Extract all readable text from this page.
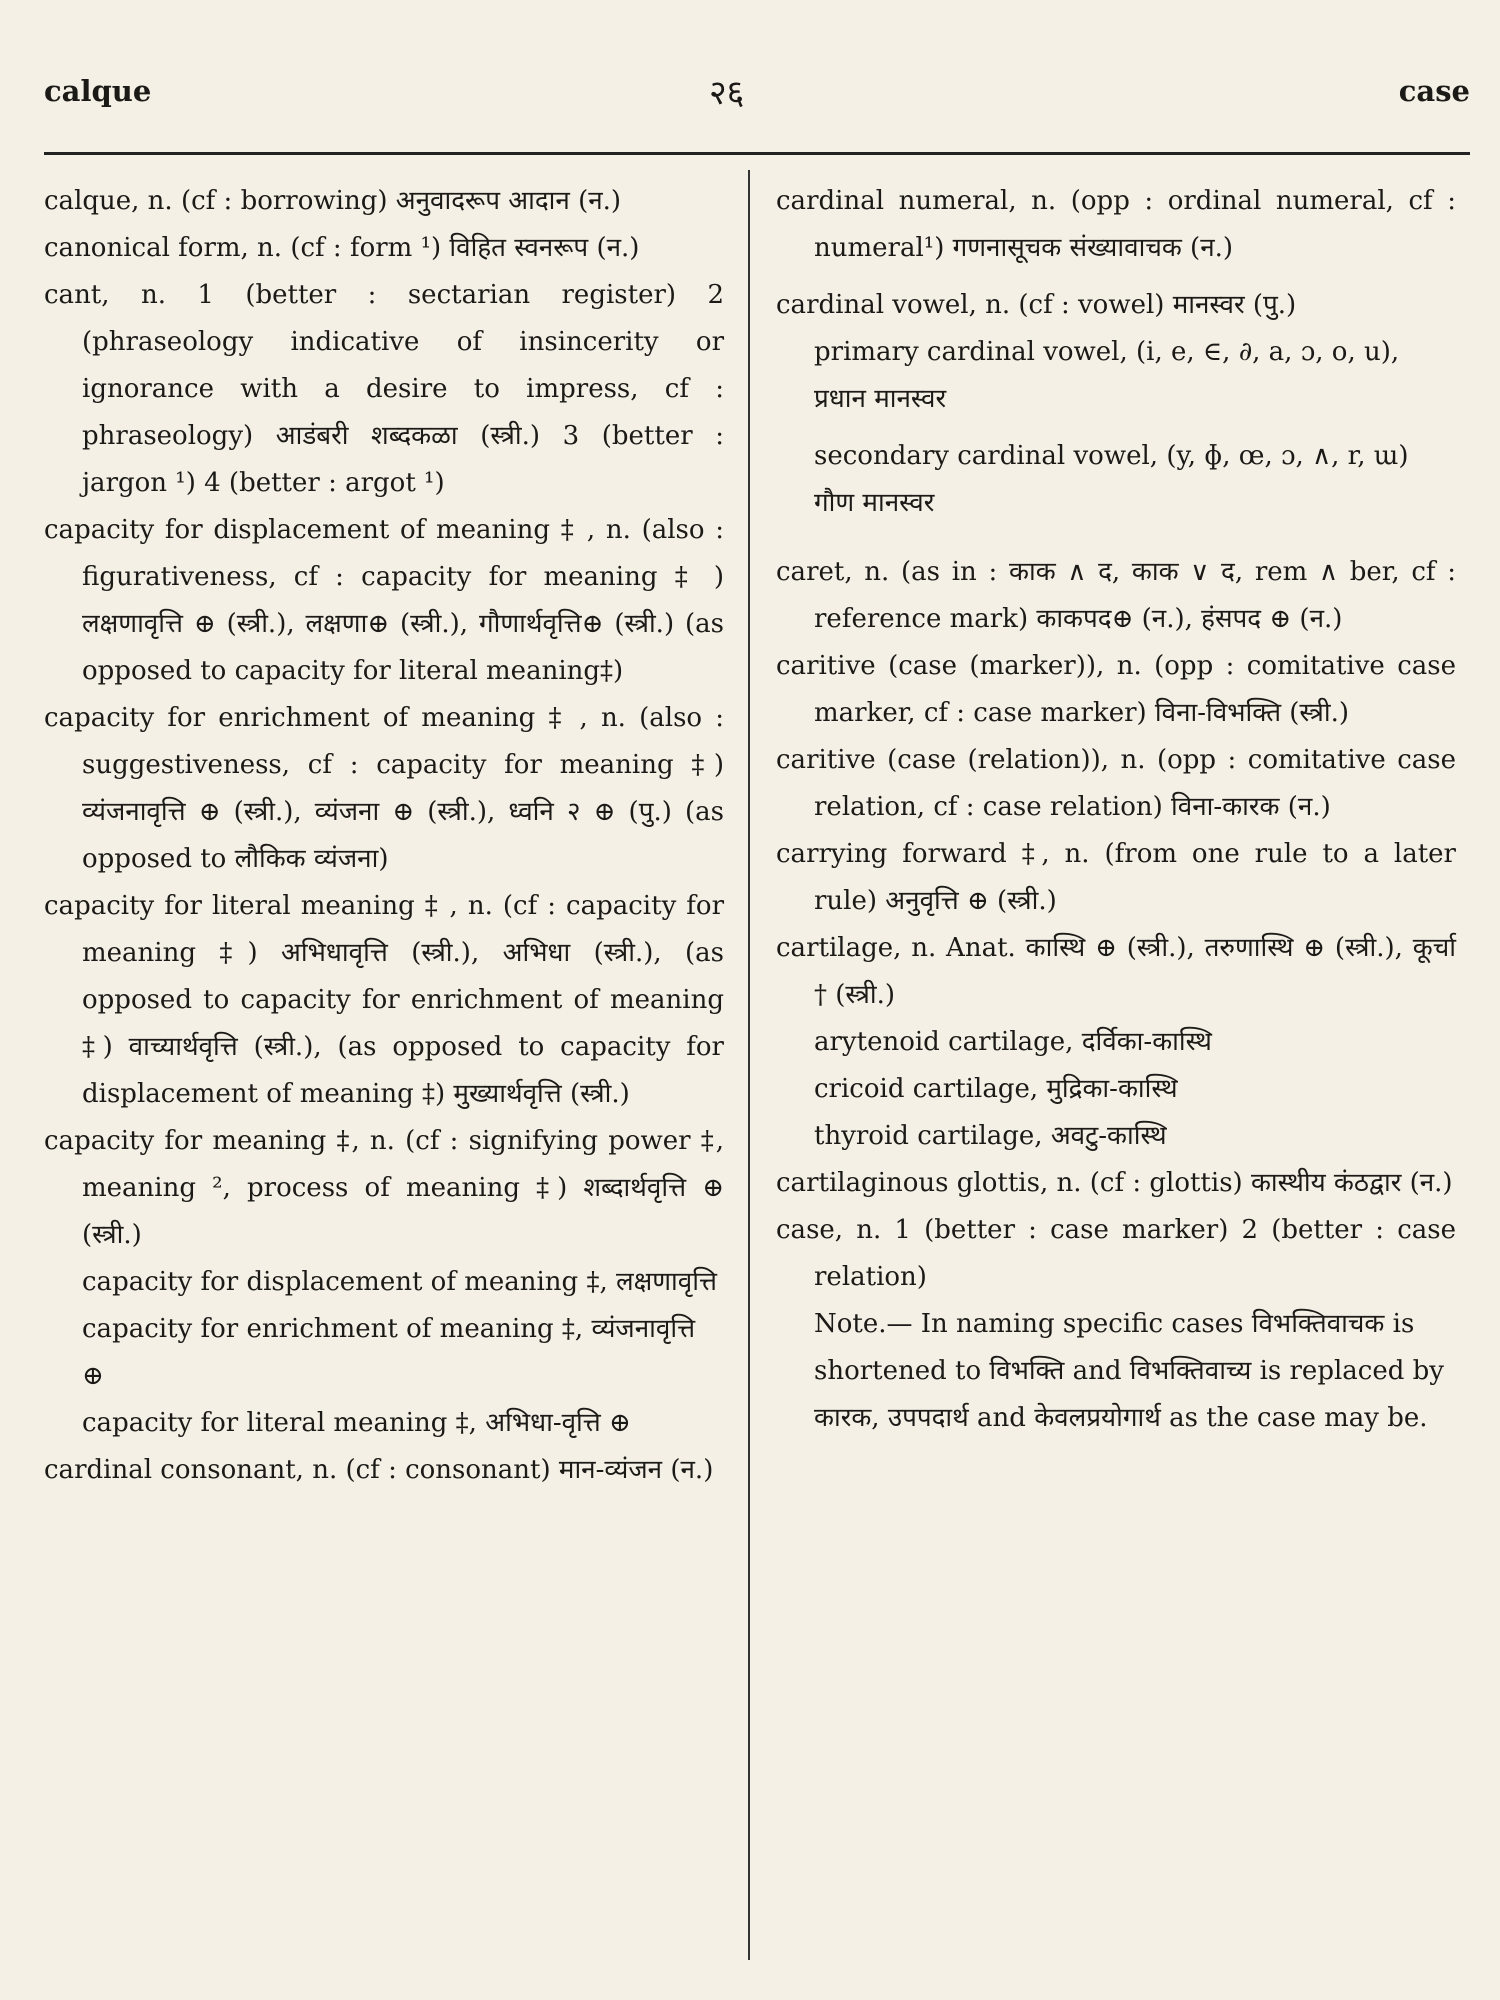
calque	२६	case

calque, n. (cf : borrowing) अनुवादरूप आदान (न.)

canonical form, n. (cf : form ¹) विहित स्वनरूप (न.)

cant, n. 1 (better : sectarian register) 2 (phraseology indicative of insincerity or ignorance with a desire to impress, cf : phraseology) आडंबरी शब्दकळा (स्त्री.) 3 (better : jargon ¹) 4 (better : argot ¹)

capacity for displacement of meaning ‡ , n. (also : figurativeness, cf : capacity for meaning ‡ ) लक्षणावृत्ति ⊕ (स्त्री.), लक्षणा⊕ (स्त्री.), गौणार्थवृत्ति⊕ (स्त्री.) (as opposed to capacity for literal meaning‡)

capacity for enrichment of meaning ‡ , n. (also : suggestiveness, cf : capacity for meaning ‡) व्यंजनावृत्ति ⊕ (स्त्री.), व्यंजना ⊕ (स्त्री.), ध्वनि २ ⊕ (पु.) (as opposed to लौकिक व्यंजना)

capacity for literal meaning ‡ , n. (cf : capacity for meaning ‡) अभिधावृत्ति (स्त्री.), अभिधा (स्त्री.), (as opposed to capacity for enrichment of meaning ‡) वाच्यार्थवृत्ति (स्त्री.), (as opposed to capacity for displacement of meaning ‡) मुख्यार्थवृत्ति (स्त्री.)

capacity for meaning ‡, n. (cf : signifying power ‡, meaning ², process of meaning ‡) शब्दार्थवृत्ति ⊕ (स्त्री.)

capacity for displacement of meaning ‡, लक्षणावृत्ति

capacity for enrichment of meaning ‡, व्यंजनावृत्ति ⊕

capacity for literal meaning ‡, अभिधा-वृत्ति ⊕

cardinal consonant, n. (cf : consonant) मान-व्यंजन (न.)

cardinal numeral, n. (opp : ordinal numeral, cf : numeral¹) गणनासूचक संख्यावाचक (न.)

cardinal vowel, n. (cf : vowel) मानस्वर (पु.)

primary cardinal vowel, (i, e, ∈, ∂, a, ɔ, o, u), प्रधान मानस्वर

secondary cardinal vowel, (y, ɸ, œ, ɔ, ∧, r, ɯ) गौण मानस्वर

caret, n. (as in : काक ∧ द, काक ∨ द, rem ∧ ber, cf : reference mark) काकपद⊕ (न.), हंसपद ⊕ (न.)

caritive (case (marker)), n. (opp : comitative case marker, cf : case marker) विना-विभक्ति (स्त्री.)

caritive (case (relation)), n. (opp : comitative case relation, cf : case relation) विना-कारक (न.)

carrying forward ‡, n. (from one rule to a later rule) अनुवृत्ति ⊕ (स्त्री.)

cartilage, n. Anat. कास्थि ⊕ (स्त्री.), तरुणास्थि ⊕ (स्त्री.), कूर्चा † (स्त्री.)

arytenoid cartilage, दर्विका-कास्थि

cricoid cartilage, मुद्रिका-कास्थि

thyroid cartilage, अवटु-कास्थि

cartilaginous glottis, n. (cf : glottis) कास्थीय कंठद्वार (न.)

case, n. 1 (better : case marker) 2 (better : case relation)

Note.— In naming specific cases विभक्तिवाचक is shortened to विभक्ति and विभक्तिवाच्य is replaced by कारक, उपपदार्थ and केवलप्रयोगार्थ as the case may be.
